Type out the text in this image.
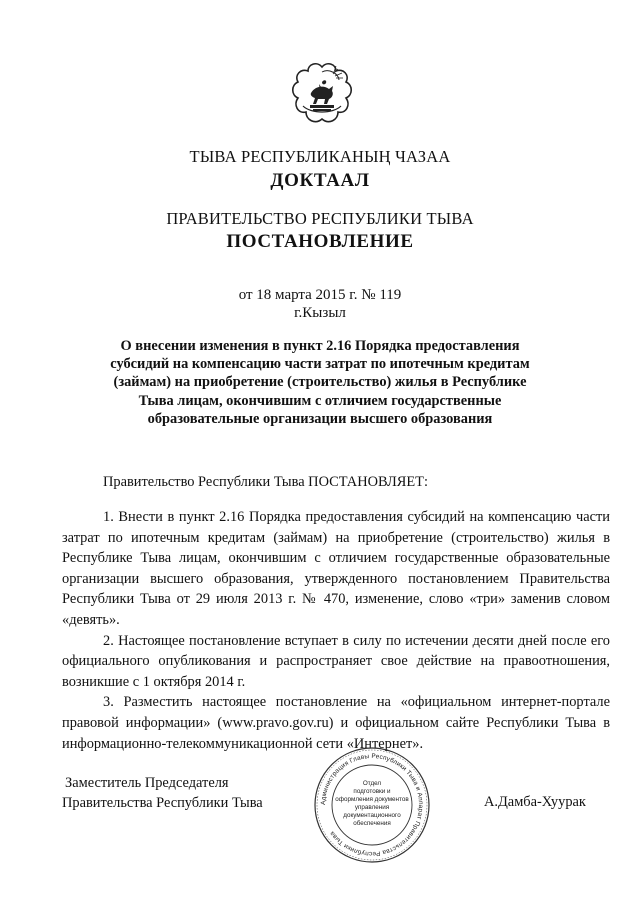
ТЫВА РЕСПУБЛИКАНЫҢ ЧАЗАА
ДОКТААЛ
ПРАВИТЕЛЬСТВО РЕСПУБЛИКИ ТЫВА
ПОСТАНОВЛЕНИЕ
от 18 марта 2015 г. № 119
г.Кызыл
О внесении изменения в пункт 2.16 Порядка предоставления субсидий на компенсацию части затрат по ипотечным кредитам (займам) на приобретение (строительство) жилья в Республике Тыва лицам, окончившим с отличием государственные образовательные организации высшего образования
Правительство Республики Тыва ПОСТАНОВЛЯЕТ:

1. Внести в пункт 2.16 Порядка предоставления субсидий на компенсацию части затрат по ипотечным кредитам (займам) на приобретение (строительство) жилья в Республике Тыва лицам, окончившим с отличием государственные образовательные организации высшего образования, утвержденного постановлением Правительства Республики Тыва от 29 июля 2013 г. № 470, изменение, слово «три» заменив словом «девять».

2. Настоящее постановление вступает в силу по истечении десяти дней после его официального опубликования и распространяет свое действие на правоотношения, возникшие с 1 октября 2014 г.

3. Разместить настоящее постановление на «официальном интернет-портале правовой информации» (www.pravo.gov.ru) и официальном сайте Республики Тыва в информационно-телекоммуникационной сети «Интернет».

Заместитель Председателя
Правительства Республики Тыва	А.Дамба-Хуурак
Администрация Главы Республики Тыва и Аппарат Правительства Республики Тыва
Отдел
подготовки и
оформления документов
управления
документационного
обеспечения
